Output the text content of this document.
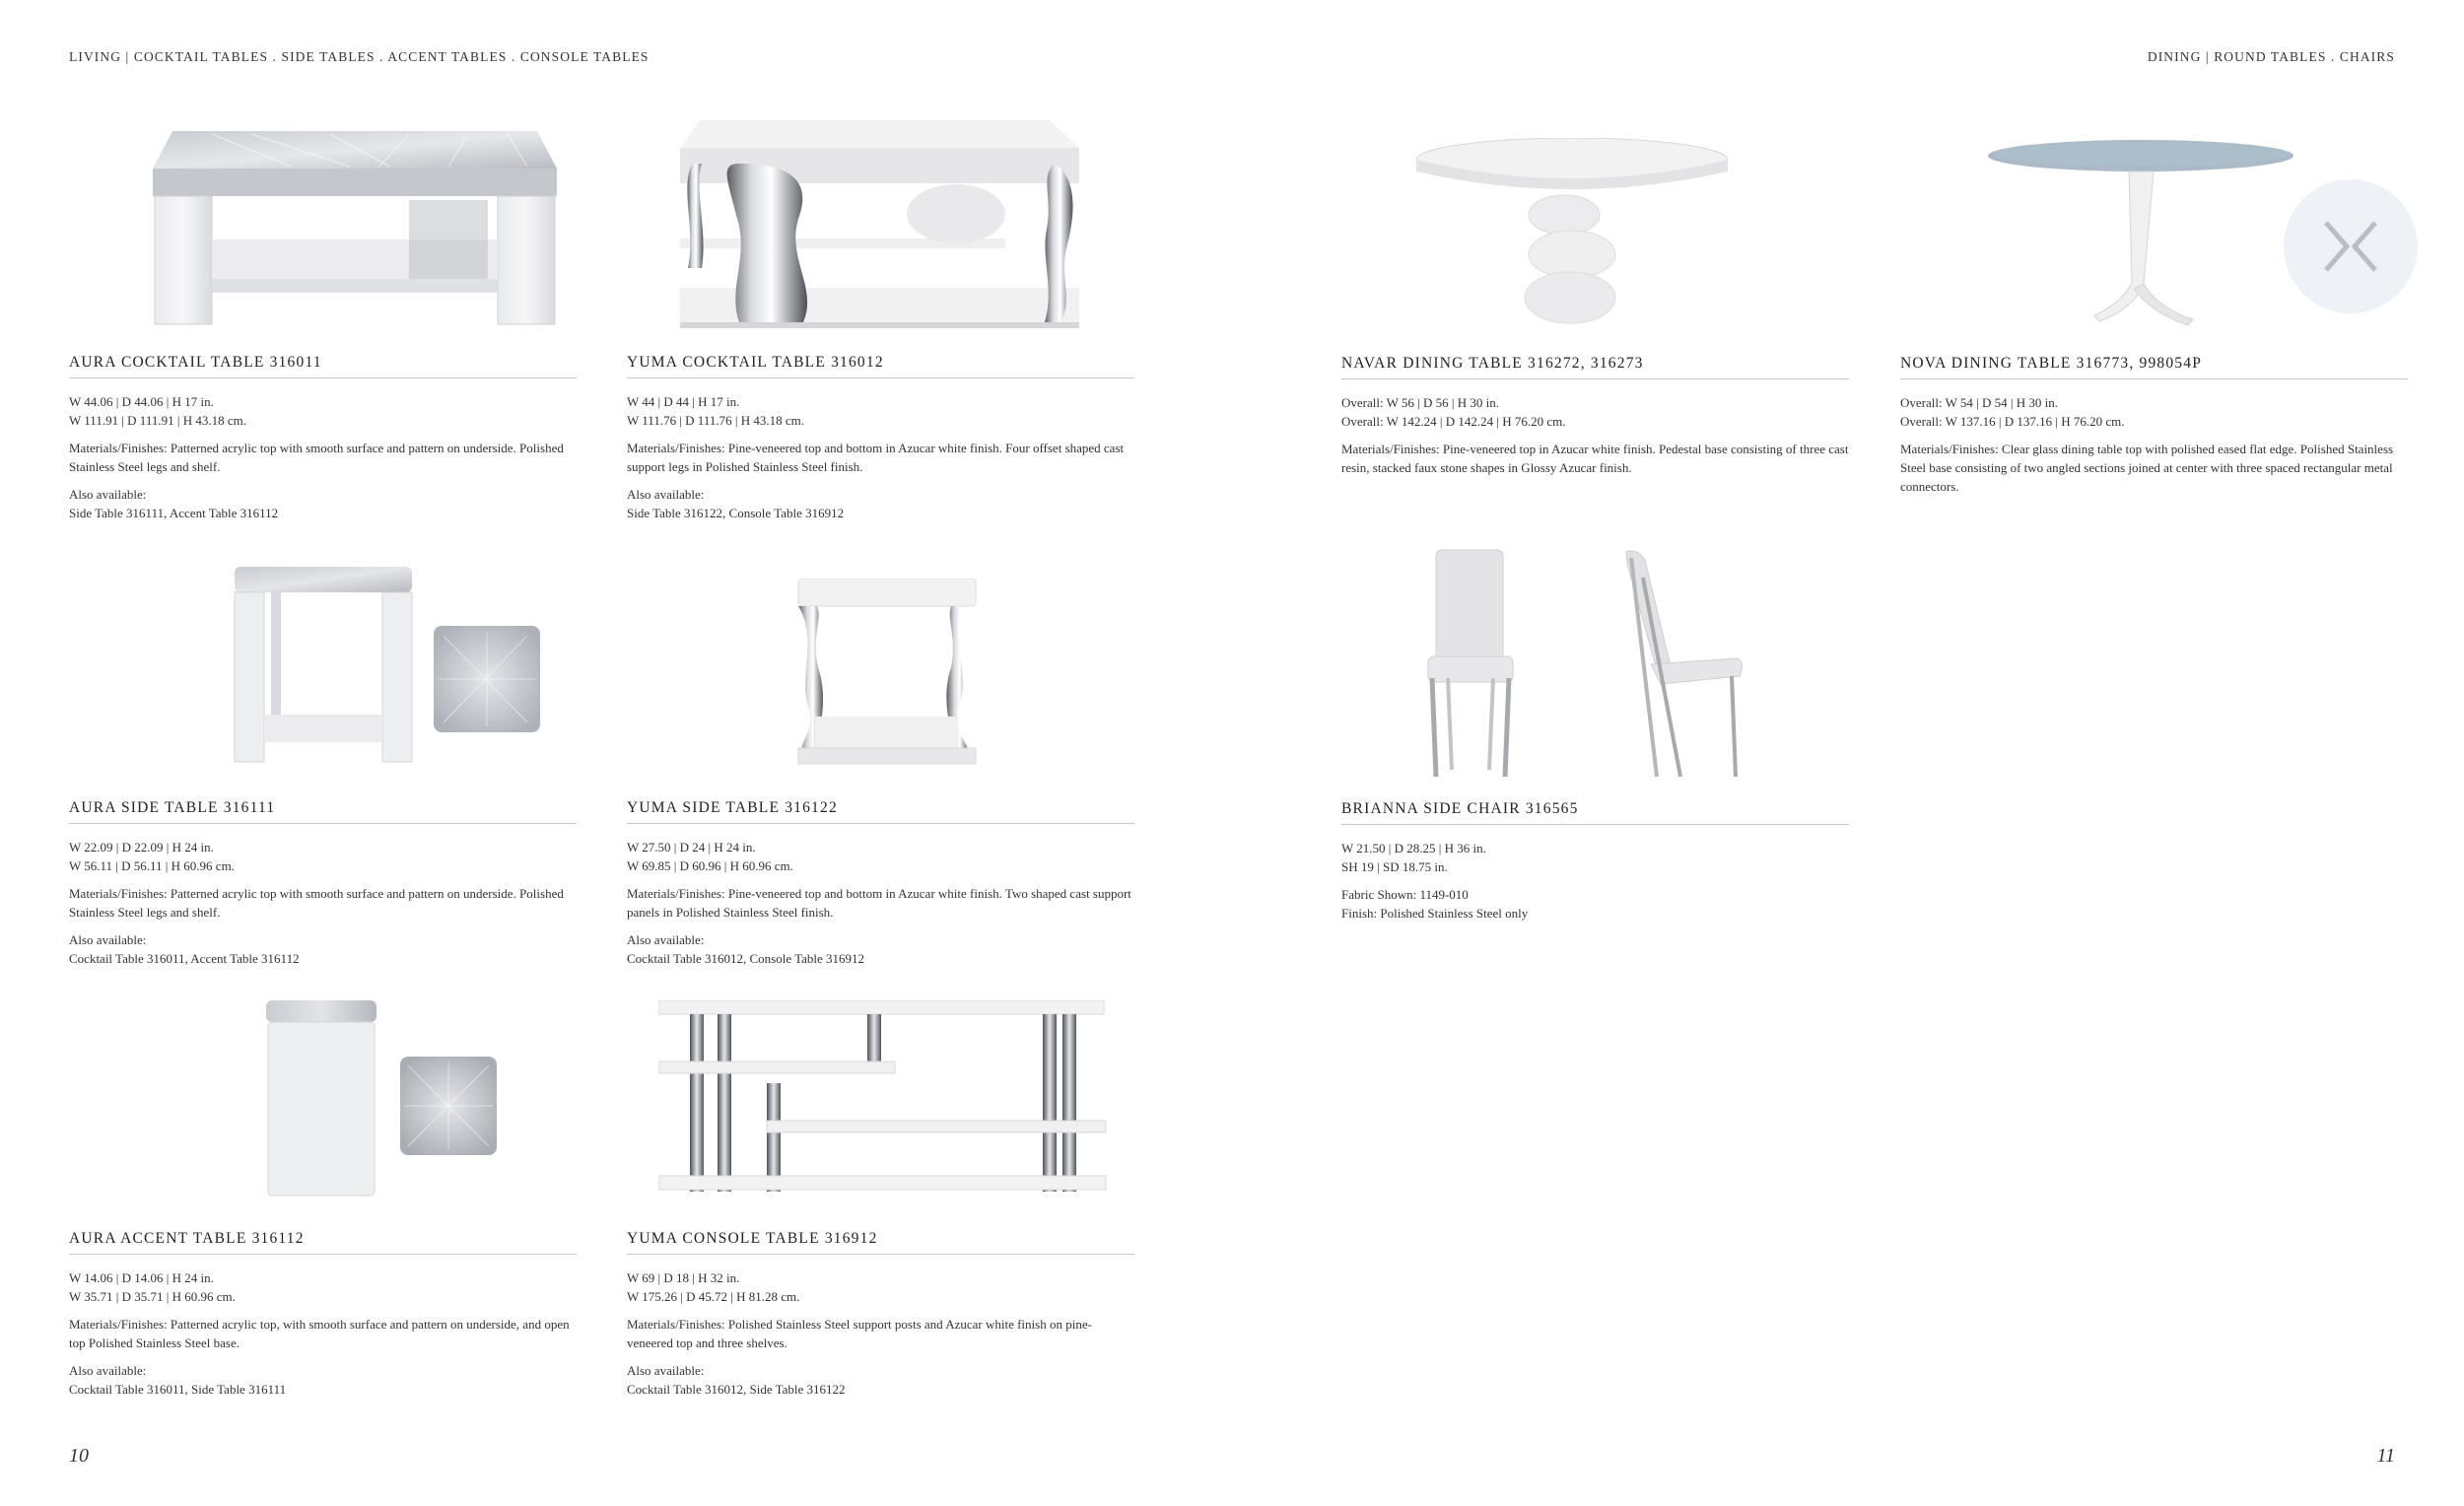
LIVING | COCKTAIL TABLES . SIDE TABLES . ACCENT TABLES . CONSOLE TABLES	DINING | ROUND TABLES . CHAIRS
AURA COCKTAIL TABLE 316011
W 44.06 | D 44.06 | H 17 in.
W 111.91 | D 111.91 | H 43.18 cm.
Materials/Finishes: Patterned acrylic top with smooth surface and pattern on underside. Polished Stainless Steel legs and shelf.
Also available:
Side Table 316111, Accent Table 316112
YUMA COCKTAIL TABLE 316012
W 44 | D 44 | H 17 in.
W 111.76 | D 111.76 | H 43.18 cm.
Materials/Finishes: Pine-veneered top and bottom in Azucar white finish. Four offset shaped cast support legs in Polished Stainless Steel finish.
Also available:
Side Table 316122, Console Table 316912
NAVAR DINING TABLE 316272, 316273
Overall: W 56 | D 56 | H 30 in.
Overall: W 142.24 | D 142.24 | H 76.20 cm.
Materials/Finishes: Pine-veneered top in Azucar white finish. Pedestal base consisting of three cast resin, stacked faux stone shapes in Glossy Azucar finish.
NOVA DINING TABLE 316773, 998054P
Overall: W 54 | D 54 | H 30 in.
Overall: W 137.16 | D 137.16 | H 76.20 cm.
Materials/Finishes: Clear glass dining table top with polished eased flat edge. Polished Stainless Steel base consisting of two angled sections joined at center with three spaced rectangular metal connectors.
AURA SIDE TABLE 316111
W 22.09 | D 22.09 | H 24 in.
W 56.11 | D 56.11 | H 60.96 cm.
Materials/Finishes: Patterned acrylic top with smooth surface and pattern on underside. Polished Stainless Steel legs and shelf.
Also available:
Cocktail Table 316011, Accent Table 316112
YUMA SIDE TABLE 316122
W 27.50 | D 24 | H 24 in.
W 69.85 | D 60.96 | H 60.96 cm.
Materials/Finishes: Pine-veneered top and bottom in Azucar white finish. Two shaped cast support panels in Polished Stainless Steel finish.
Also available:
Cocktail Table 316012, Console Table 316912
BRIANNA SIDE CHAIR 316565
W 21.50 | D 28.25 | H 36 in.
SH 19 | SD 18.75 in.
Fabric Shown: 1149-010
Finish: Polished Stainless Steel only
AURA ACCENT TABLE 316112
W 14.06 | D 14.06 | H 24 in.
W 35.71 | D 35.71 | H 60.96 cm.
Materials/Finishes: Patterned acrylic top, with smooth surface and pattern on underside, and open top Polished Stainless Steel base.
Also available:
Cocktail Table 316011, Side Table 316111
YUMA CONSOLE TABLE 316912
W 69 | D 18 | H 32 in.
W 175.26 | D 45.72 | H 81.28 cm.
Materials/Finishes: Polished Stainless Steel support posts and Azucar white finish on pine-veneered top and three shelves.
Also available:
Cocktail Table 316012, Side Table 316122
10	11
